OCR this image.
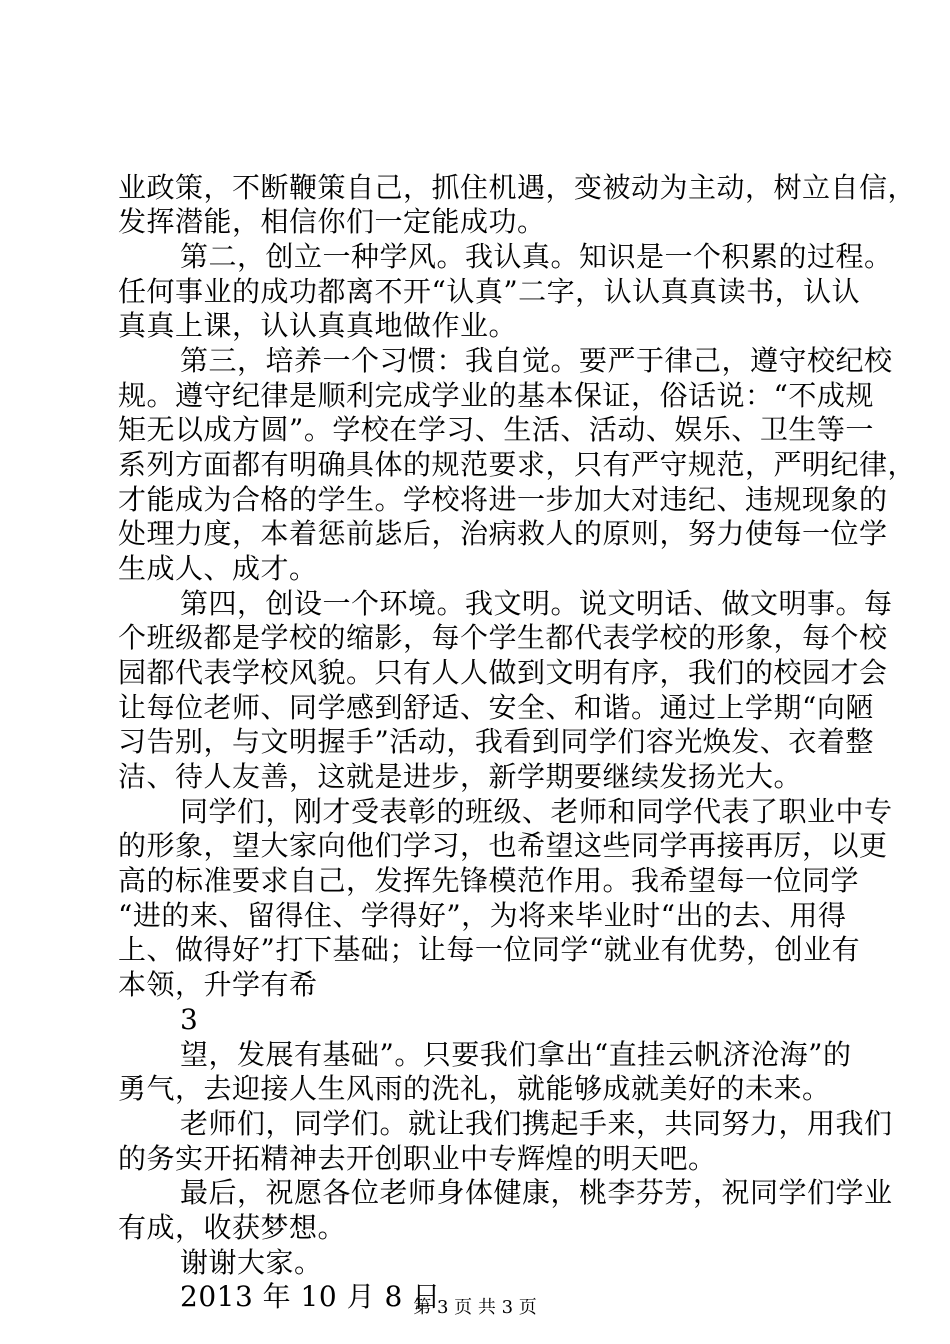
业政策，不断鞭策自己，抓住机遇，变被动为主动，树立自信，
发挥潜能，相信你们一定能成功。
第二，创立一种学风。我认真。知识是一个积累的过程。
任何事业的成功都离不开“认真”二字，认认真真读书，认认
真真上课，认认真真地做作业。
第三，培养一个习惯：我自觉。要严于律己，遵守校纪校
规。遵守纪律是顺利完成学业的基本保证，俗话说：“不成规
矩无以成方圆”。学校在学习、生活、活动、娱乐、卫生等一
系列方面都有明确具体的规范要求，只有严守规范，严明纪律，
才能成为合格的学生。学校将进一步加大对违纪、违规现象的
处理力度，本着惩前毖后，治病救人的原则，努力使每一位学
生成人、成才。
第四，创设一个环境。我文明。说文明话、做文明事。每
个班级都是学校的缩影，每个学生都代表学校的形象，每个校
园都代表学校风貌。只有人人做到文明有序，我们的校园才会
让每位老师、同学感到舒适、安全、和谐。通过上学期“向陋
习告别，与文明握手”活动，我看到同学们容光焕发、衣着整
洁、待人友善，这就是进步，新学期要继续发扬光大。
同学们，刚才受表彰的班级、老师和同学代表了职业中专
的形象，望大家向他们学习，也希望这些同学再接再厉，以更
高的标准要求自己，发挥先锋模范作用。我希望每一位同学
“进的来、留得住、学得好”，为将来毕业时“出的去、用得
上、做得好”打下基础；让每一位同学“就业有优势，创业有
本领，升学有希
3
望，发展有基础”。只要我们拿出“直挂云帆济沧海”的
勇气，去迎接人生风雨的洗礼，就能够成就美好的未来。
老师们，同学们。就让我们携起手来，共同努力，用我们
的务实开拓精神去开创职业中专辉煌的明天吧。
最后，祝愿各位老师身体健康，桃李芬芳，祝同学们学业
有成，收获梦想。
谢谢大家。
2013 年 10 月 8 日
第 3 页 共 3 页
